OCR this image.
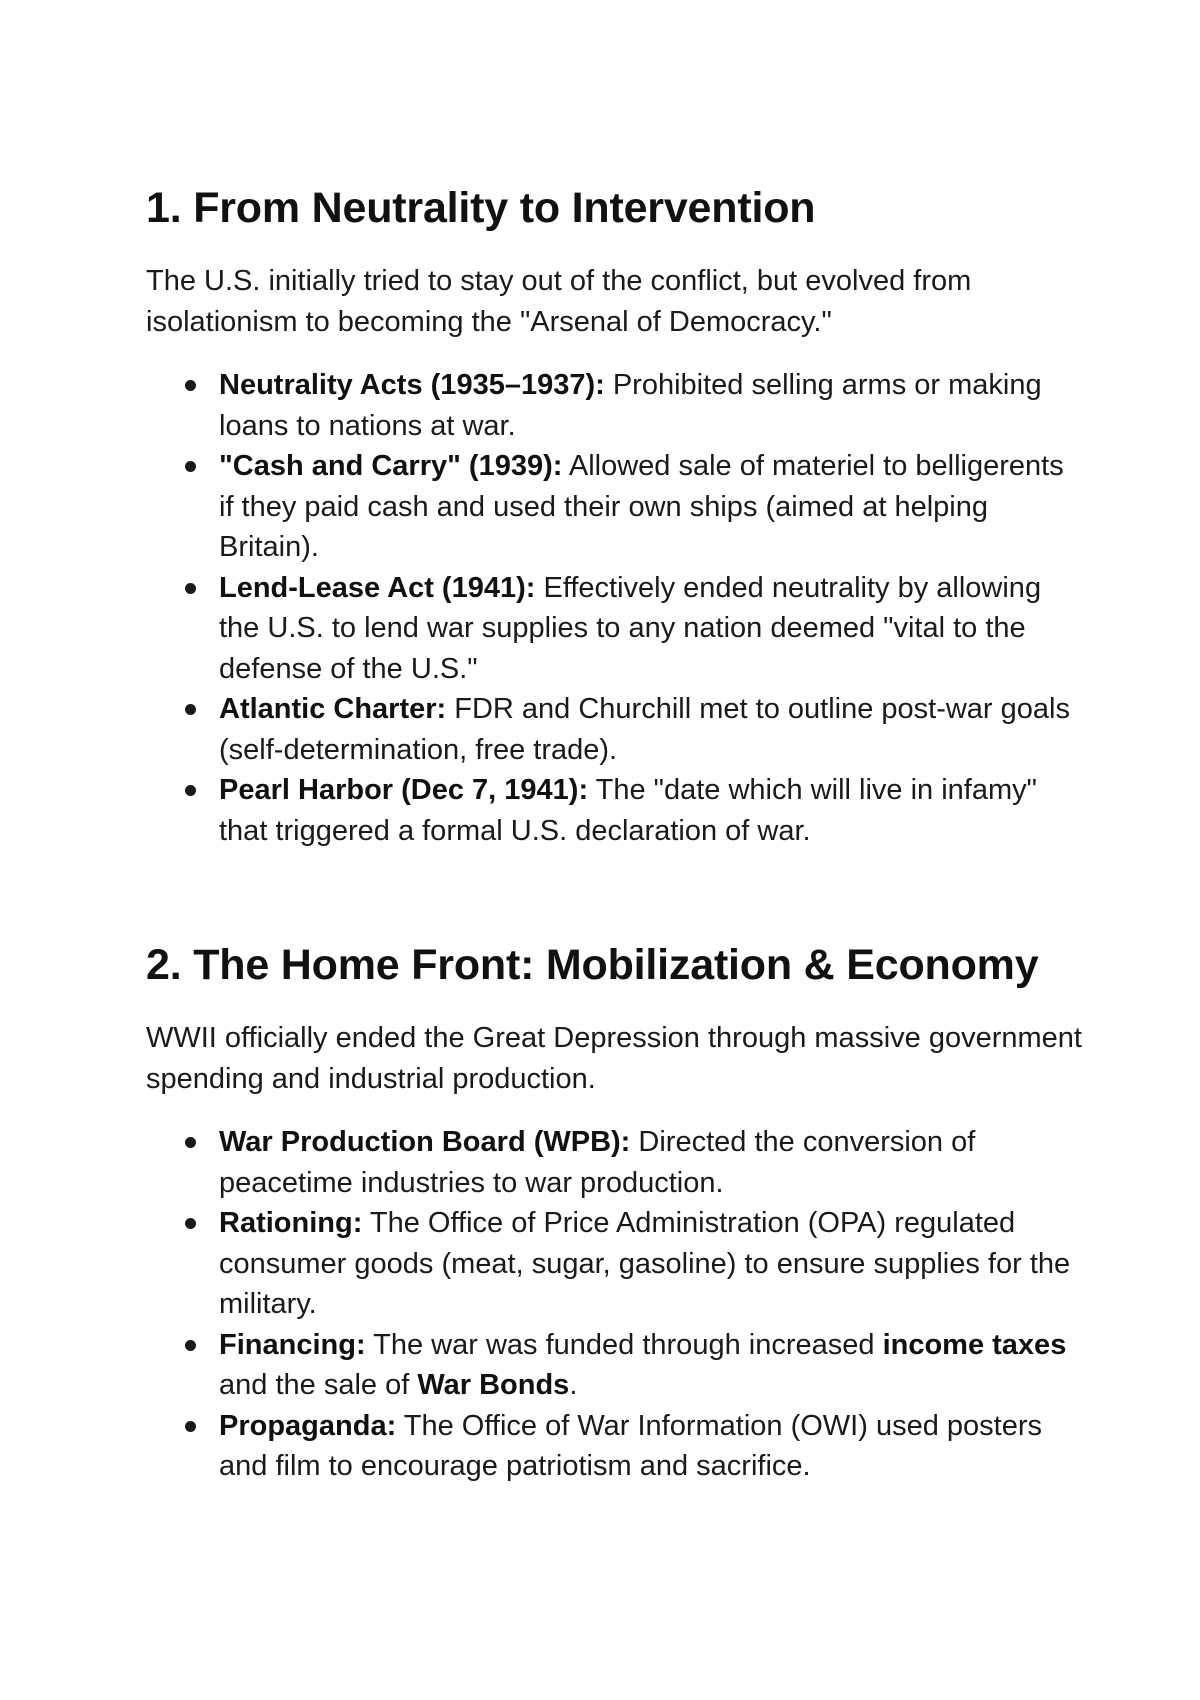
1. From Neutrality to Intervention

The U.S. initially tried to stay out of the conflict, but evolved from isolationism to becoming the "Arsenal of Democracy."

Neutrality Acts (1935–1937): Prohibited selling arms or making loans to nations at war.
"Cash and Carry" (1939): Allowed sale of materiel to belligerents if they paid cash and used their own ships (aimed at helping Britain).
Lend-Lease Act (1941): Effectively ended neutrality by allowing the U.S. to lend war supplies to any nation deemed "vital to the defense of the U.S."
Atlantic Charter: FDR and Churchill met to outline post-war goals (self-determination, free trade).
Pearl Harbor (Dec 7, 1941): The "date which will live in infamy" that triggered a formal U.S. declaration of war.
2. The Home Front: Mobilization & Economy

WWII officially ended the Great Depression through massive government spending and industrial production.

War Production Board (WPB): Directed the conversion of peacetime industries to war production.
Rationing: The Office of Price Administration (OPA) regulated consumer goods (meat, sugar, gasoline) to ensure supplies for the military.
Financing: The war was funded through increased income taxes and the sale of War Bonds.
Propaganda: The Office of War Information (OWI) used posters and film to encourage patriotism and sacrifice.
